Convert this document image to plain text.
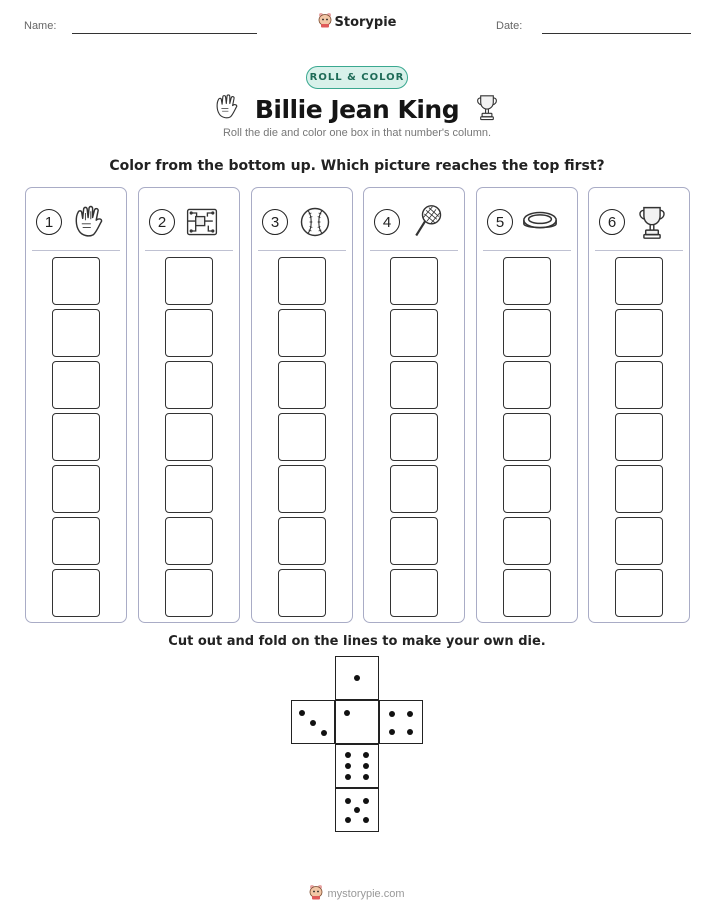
Name:	Storypie	Date:
ROLL & COLOR
Billie Jean King
Roll the die and color one box in that number's column.
Color from the bottom up. Which picture reaches the top first?
1	2	3	4	5	6
Cut out and fold on the lines to make your own die.
mystorypie.com
